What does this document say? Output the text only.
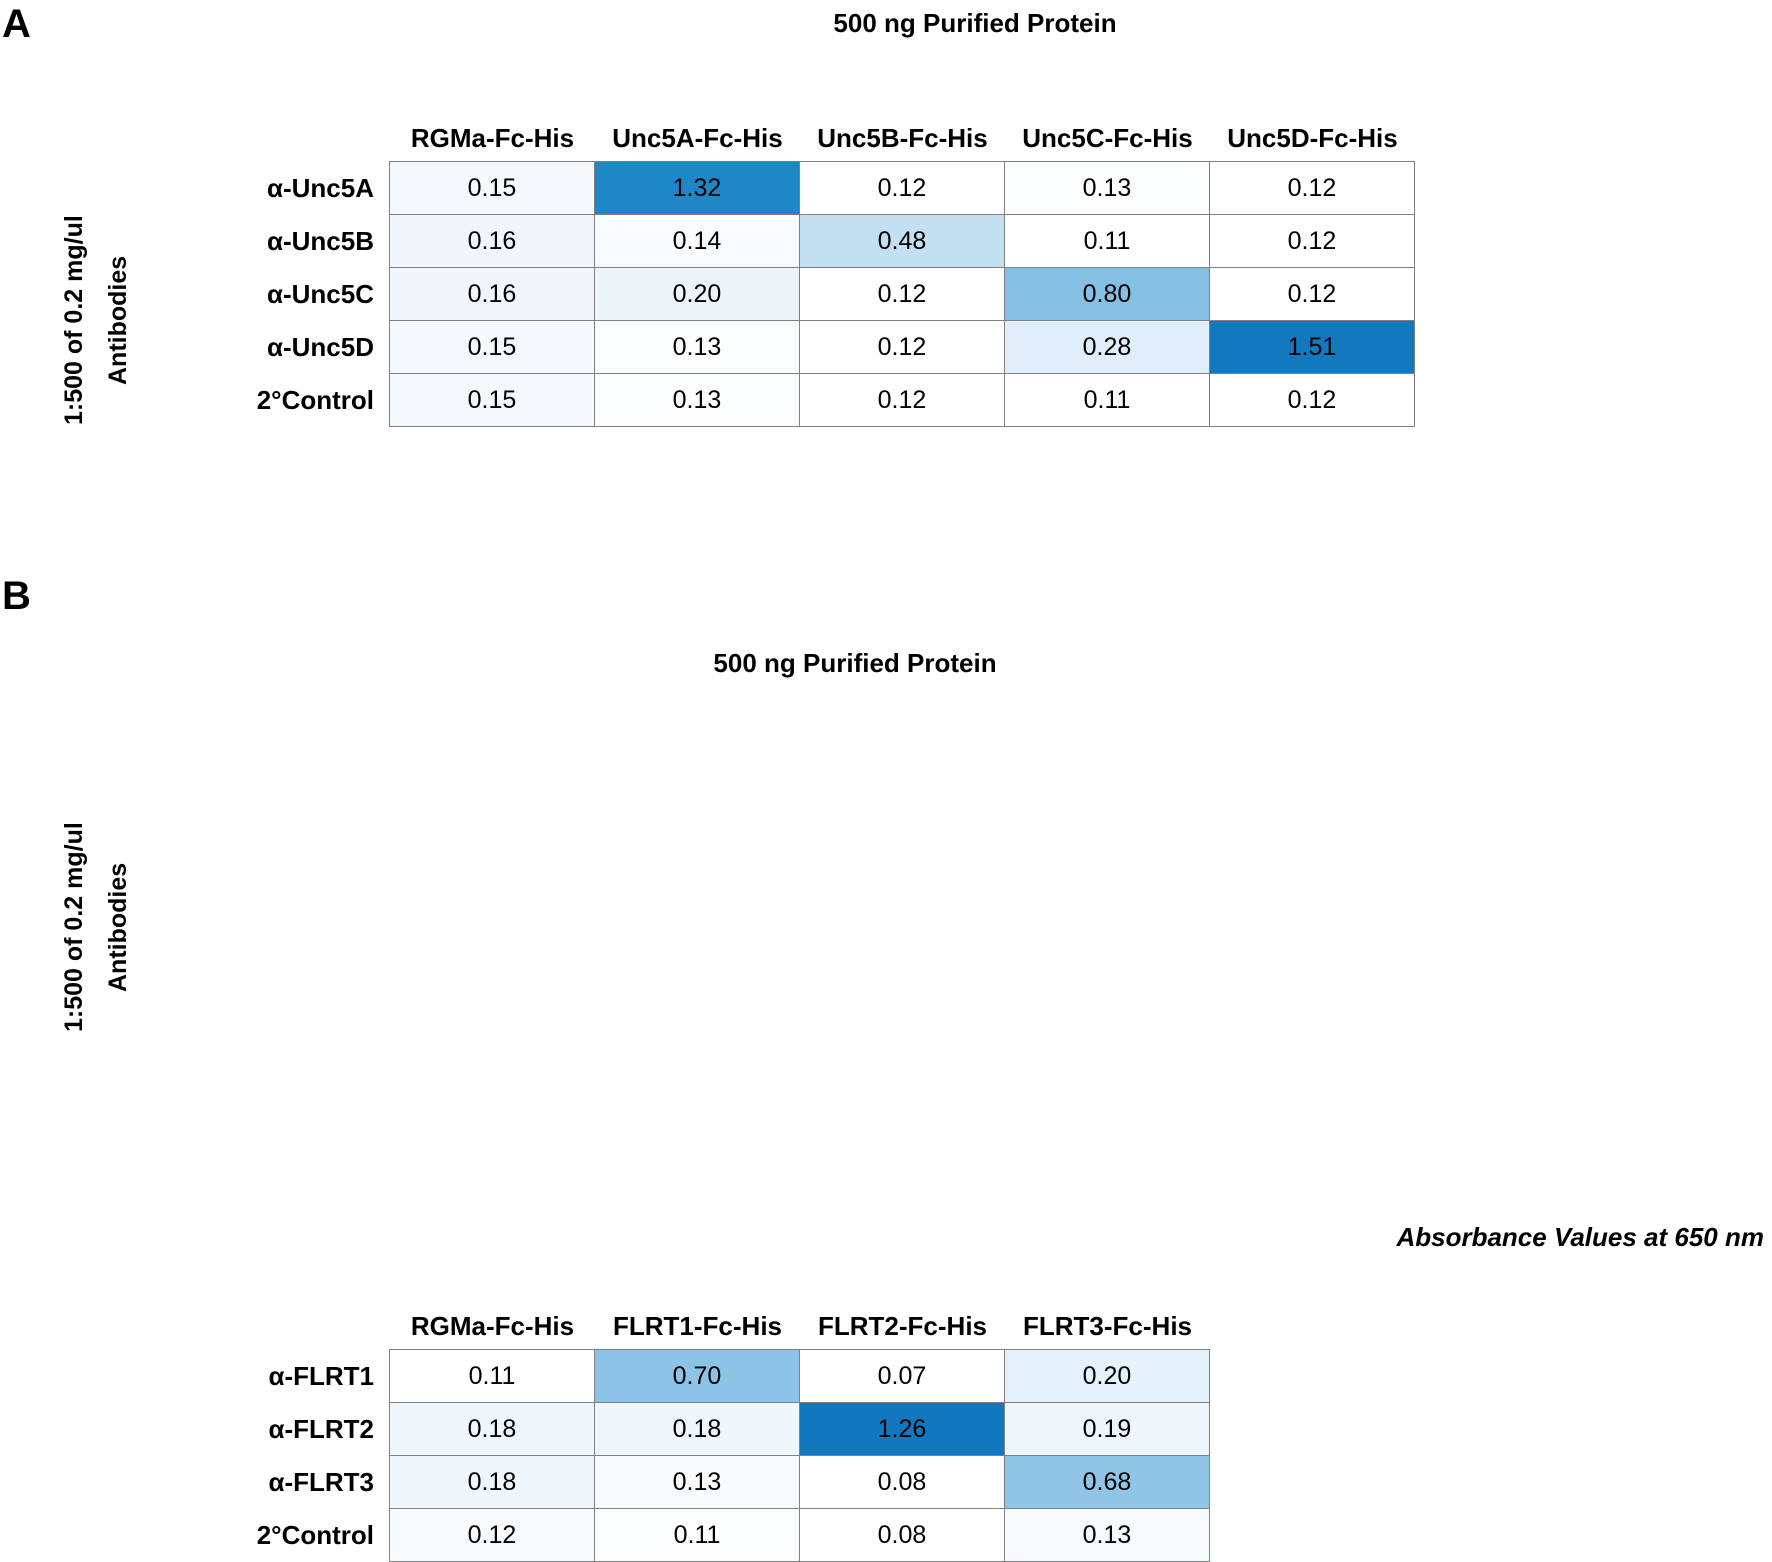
A
B
500 ng Purified Protein
1:500 of 0.2 mg/ul Antibodies
RGMa-Fc-His	Unc5A-Fc-His	Unc5B-Fc-His	Unc5C-Fc-His	Unc5D-Fc-His
α-Unc5A	0.15	1.32	0.12	0.13	0.12
α-Unc5B	0.16	0.14	0.48	0.11	0.12
α-Unc5C	0.16	0.20	0.12	0.80	0.12
α-Unc5D	0.15	0.13	0.12	0.28	1.51
2°Control	0.15	0.13	0.12	0.11	0.12
500 ng Purified Protein
1:500 of 0.2 mg/ul Antibodies
RGMa-Fc-His	FLRT1-Fc-His	FLRT2-Fc-His	FLRT3-Fc-His
α-FLRT1	0.11	0.70	0.07	0.20
α-FLRT2	0.18	0.18	1.26	0.19
α-FLRT3	0.18	0.13	0.08	0.68
2°Control	0.12	0.11	0.08	0.13
Absorbance Values at 650 nm
